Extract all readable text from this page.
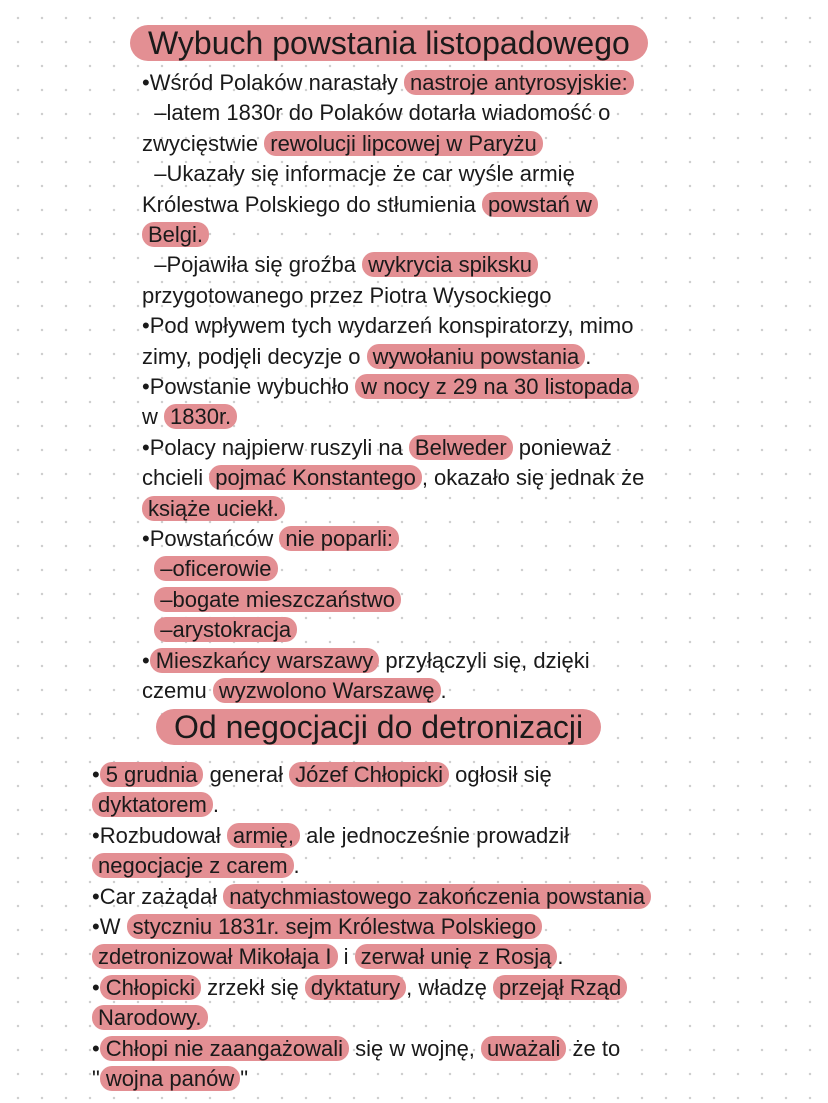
Wybuch powstania listopadowego
•Wśród Polaków narastały nastroje antyrosyjskie:
–latem 1830r do Polaków dotarła wiadomość o
zwycięstwie rewolucji lipcowej w Paryżu
–Ukazały się informacje że car wyśle armię
Królestwa Polskiego do stłumienia powstań w
Belgi.
–Pojawiła się groźba wykrycia spiksku
przygotowanego przez Piotra Wysockiego
•Pod wpływem tych wydarzeń konspiratorzy, mimo
zimy, podjęli decyzje o wywołaniu powstania .
•Powstanie wybuchło w nocy z 29 na 30 listopada
w 1830r.
•Polacy najpierw ruszyli na Belweder ponieważ
chcieli pojmać Konstantego , okazało się jednak że
książe uciekł.
•Powstańców nie poparli:
–oficerowie
–bogate mieszczaństwo
–arystokracja
• Mieszkańcy warszawy przyłączyli się, dzięki
czemu wyzwolono Warszawę .
Od negocjacji do detronizacji
• 5 grudnia generał Józef Chłopicki ogłosił się
dyktatorem .
•Rozbudował armię, ale jednocześnie prowadził
negocjacje z carem .
•Car zażądał natychmiastowego zakończenia powstania
•W styczniu 1831r. sejm Królestwa Polskiego
zdetronizował Mikołaja I i zerwał unię z Rosją .
• Chłopicki zrzekł się dyktatury , władzę przejął Rząd
Narodowy.
• Chłopi nie zaangażowali się w wojnę, uważali że to
" wojna panów "
